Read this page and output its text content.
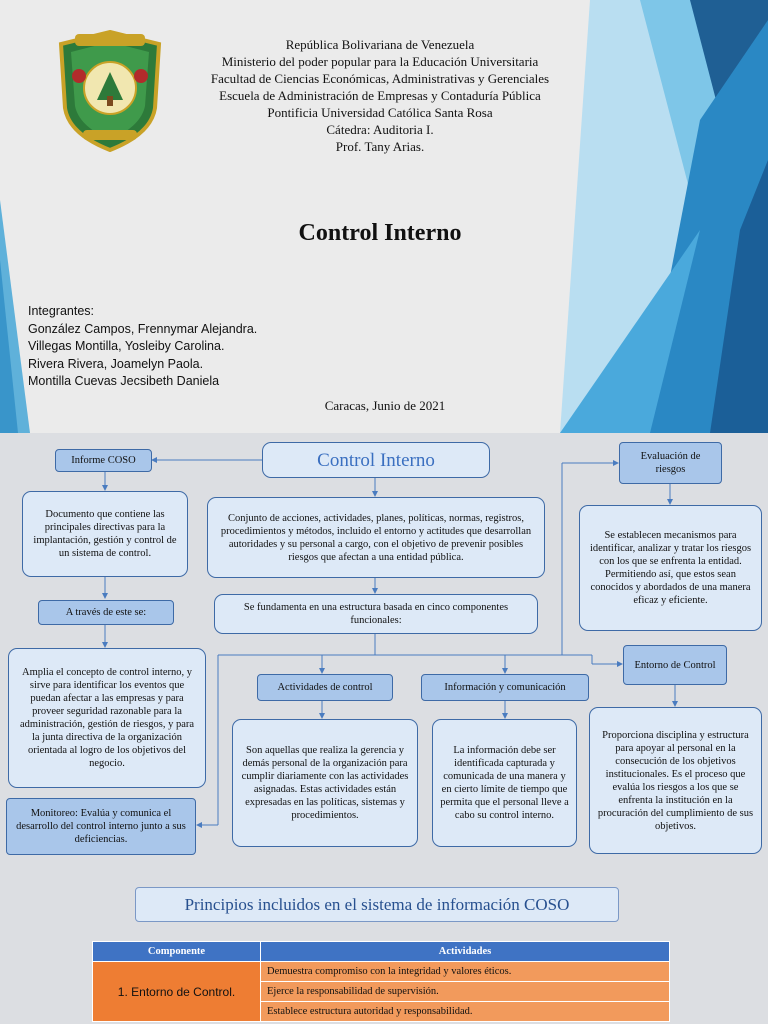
República Bolivariana de Venezuela
Ministerio del poder popular para la Educación Universitaria
Facultad de Ciencias Económicas, Administrativas y Gerenciales
Escuela de Administración de Empresas y Contaduría Pública
Pontificia Universidad Católica Santa Rosa
Cátedra: Auditoria I.
Prof. Tany Arias.
Control Interno
Integrantes:
González Campos, Frennymar Alejandra.
Villegas Montilla, Yosleiby Carolina.
Rivera Rivera, Joamelyn Paola.
Montilla Cuevas Jecsibeth Daniela
Caracas, Junio de 2021
Control Interno
Informe COSO
Documento que contiene las principales directivas para la implantación, gestión y control de un sistema de control.
A través de este se:
Amplia el concepto de control interno, y sirve para identificar los eventos que puedan afectar a las empresas y para proveer seguridad razonable para la administración, gestión de riesgos, y para la junta directiva de la organización orientada al logro de los objetivos del negocio.
Monitoreo: Evalúa y comunica el desarrollo del control interno junto a sus deficiencias.
Conjunto de acciones, actividades, planes, políticas, normas, registros, procedimientos y métodos, incluido el entorno y actitudes que desarrollan autoridades y su personal a cargo, con el objetivo de prevenir posibles riesgos que afectan a una entidad pública.
Se fundamenta en una estructura basada en cinco componentes funcionales:
Actividades de control
Son aquellas que realiza la gerencia y demás personal de la organización para cumplir diariamente con las actividades asignadas. Estas actividades están expresadas en las políticas, sistemas y procedimientos.
Información y comunicación
La información debe ser identificada capturada y comunicada de una manera y en cierto límite de tiempo que permita que el personal lleve a cabo su control interno.
Evaluación de riesgos
Se establecen mecanismos para identificar, analizar y tratar los riesgos con los que se enfrenta la entidad. Permitiendo así, que estos sean conocidos y abordados de una manera eficaz y eficiente.
Entorno de Control
Proporciona disciplina y estructura para apoyar al personal en la consecución de los objetivos institucionales. Es el proceso que evalúa los riesgos a los que se enfrenta la institución en la procuración del cumplimiento de sus objetivos.
Principios incluidos en el sistema de información COSO
Componente	Actividades
1. Entorno de Control.	Demuestra compromiso con la integridad y valores éticos.
	Ejerce la responsabilidad de supervisión.
	Establece estructura autoridad y responsabilidad.
